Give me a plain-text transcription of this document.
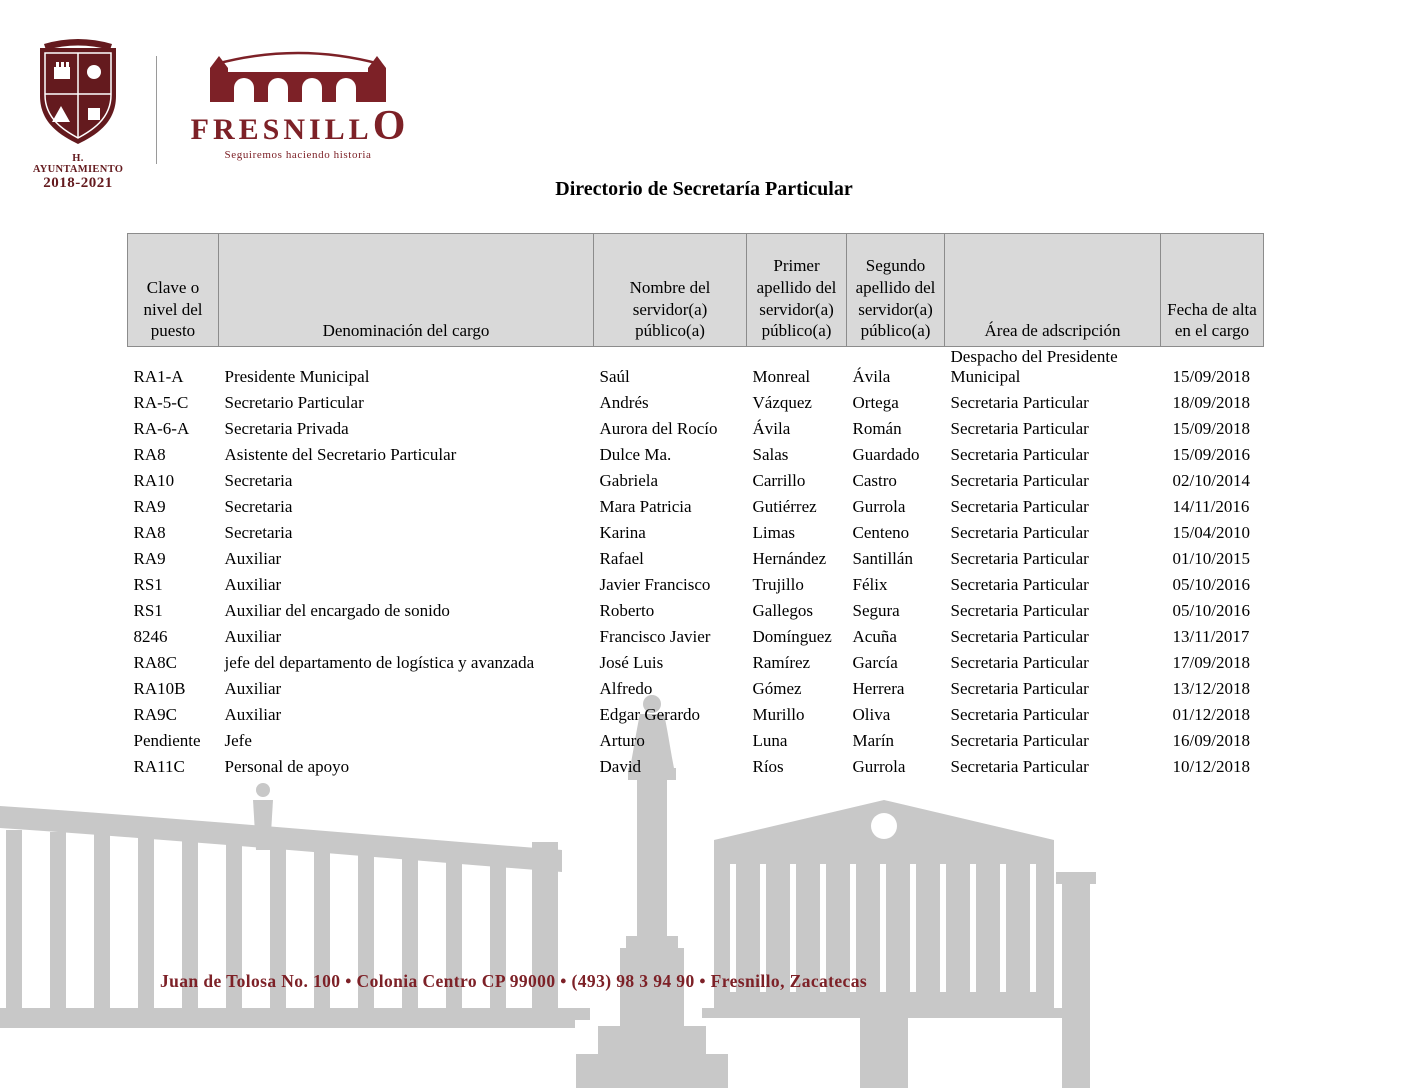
H. AYUNTAMIENTO
2018-2021
FRESNILLO
Seguiremos haciendo historia
Directorio de Secretaría Particular
Clave o nivel del puesto	Denominación del cargo	Nombre del servidor(a) público(a)	Primer apellido del servidor(a) público(a)	Segundo apellido del servidor(a) público(a)	Área de adscripción	Fecha de alta en el cargo
RA1-A	Presidente Municipal	Saúl	Monreal	Ávila	Despacho del Presidente Municipal	15/09/2018
RA-5-C	Secretario Particular	Andrés	Vázquez	Ortega	Secretaria Particular	18/09/2018
RA-6-A	Secretaria Privada	Aurora del Rocío	Ávila	Román	Secretaria Particular	15/09/2018
RA8	Asistente del Secretario Particular	Dulce Ma.	Salas	Guardado	Secretaria Particular	15/09/2016
RA10	Secretaria	Gabriela	Carrillo	Castro	Secretaria Particular	02/10/2014
RA9	Secretaria	Mara Patricia	Gutiérrez	Gurrola	Secretaria Particular	14/11/2016
RA8	Secretaria	Karina	Limas	Centeno	Secretaria Particular	15/04/2010
RA9	Auxiliar	Rafael	Hernández	Santillán	Secretaria Particular	01/10/2015
RS1	Auxiliar	Javier Francisco	Trujillo	Félix	Secretaria Particular	05/10/2016
RS1	Auxiliar del encargado de sonido	Roberto	Gallegos	Segura	Secretaria Particular	05/10/2016
8246	Auxiliar	Francisco Javier	Domínguez	Acuña	Secretaria Particular	13/11/2017
RA8C	jefe del departamento de logística y avanzada	José Luis	Ramírez	García	Secretaria Particular	17/09/2018
RA10B	Auxiliar	Alfredo	Gómez	Herrera	Secretaria Particular	13/12/2018
RA9C	Auxiliar	Edgar Gerardo	Murillo	Oliva	Secretaria Particular	01/12/2018
Pendiente	Jefe	Arturo	Luna	Marín	Secretaria Particular	16/09/2018
RA11C	Personal de apoyo	David	Ríos	Gurrola	Secretaria Particular	10/12/2018
Juan de Tolosa No. 100 • Colonia Centro CP 99000 • (493) 98 3 94 90 • Fresnillo, Zacatecas
